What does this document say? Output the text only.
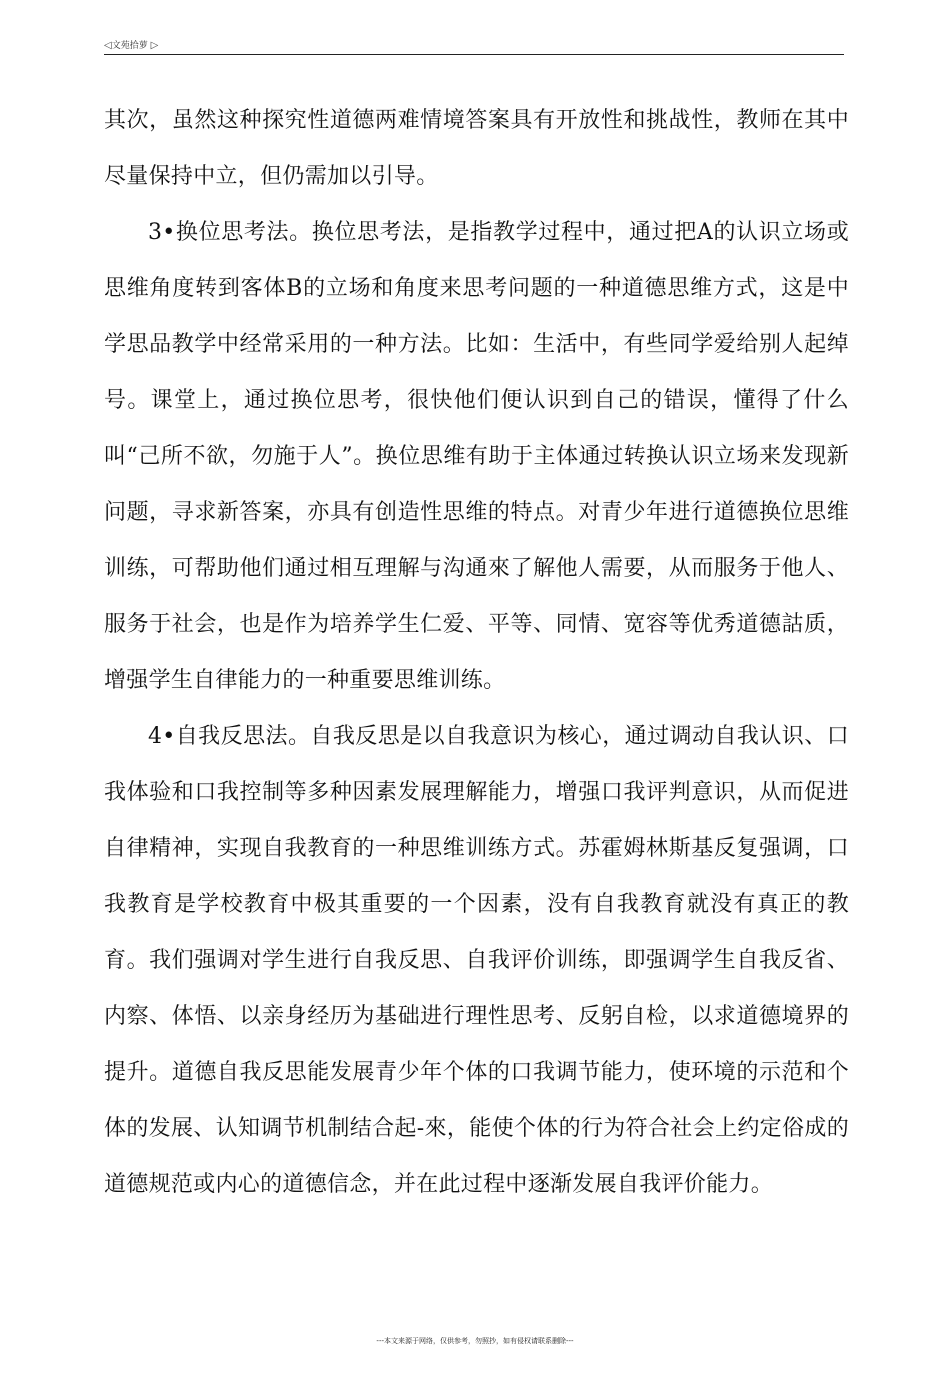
◁文苑拾萝 ▷

其次，虽然这种探究性道德两难情境答案具有开放性和挑战性，教师在其中尽量保持中立，但仍需加以引导。

3•换位思考法。换位思考法，是指教学过程中，通过把A的认识立场或思维角度转到客体B的立场和角度来思考问题的一种道德思维方式，这是中学思品教学中经常采用的一种方法。比如：生活中，有些同学爱给别人起绰号。课堂上，通过换位思考，很快他们便认识到自己的错误，懂得了什么叫“己所不欲，勿施于人”。换位思维有助于主体通过转换认识立场来发现新问题，寻求新答案，亦具有创造性思维的特点。对青少年进行道德换位思维训练，可帮助他们通过相互理解与沟通來了解他人需要，从而服务于他人、服务于社会，也是作为培养学生仁爱、平等、同情、宽容等优秀道德詁质，增强学生自律能力的一种重要思维训练。

4•自我反思法。自我反思是以自我意识为核心，通过调动自我认识、口我体验和口我控制等多种因素发展理解能力，增强口我评判意识，从而促进自律精神，实现自我教育的一种思维训练方式。苏霍姆林斯基反复强调，口我教育是学校教育中极其重要的一个因素，没有自我教育就没有真正的教育。我们强调对学生进行自我反思、自我评价训练，即强调学生自我反省、内察、体悟、以亲身经历为基础进行理性思考、反躬自检，以求道德境界的提升。道德自我反思能发展青少年个体的口我调节能力，使环境的示范和个体的发展、认知调节机制结合起-來，能使个体的行为符合社会上约定俗成的道德规范或内心的道德信念，并在此过程中逐渐发展自我评价能力。

---本文来源于网络，仅供参考，勿照抄，如有侵权请联系删除---
